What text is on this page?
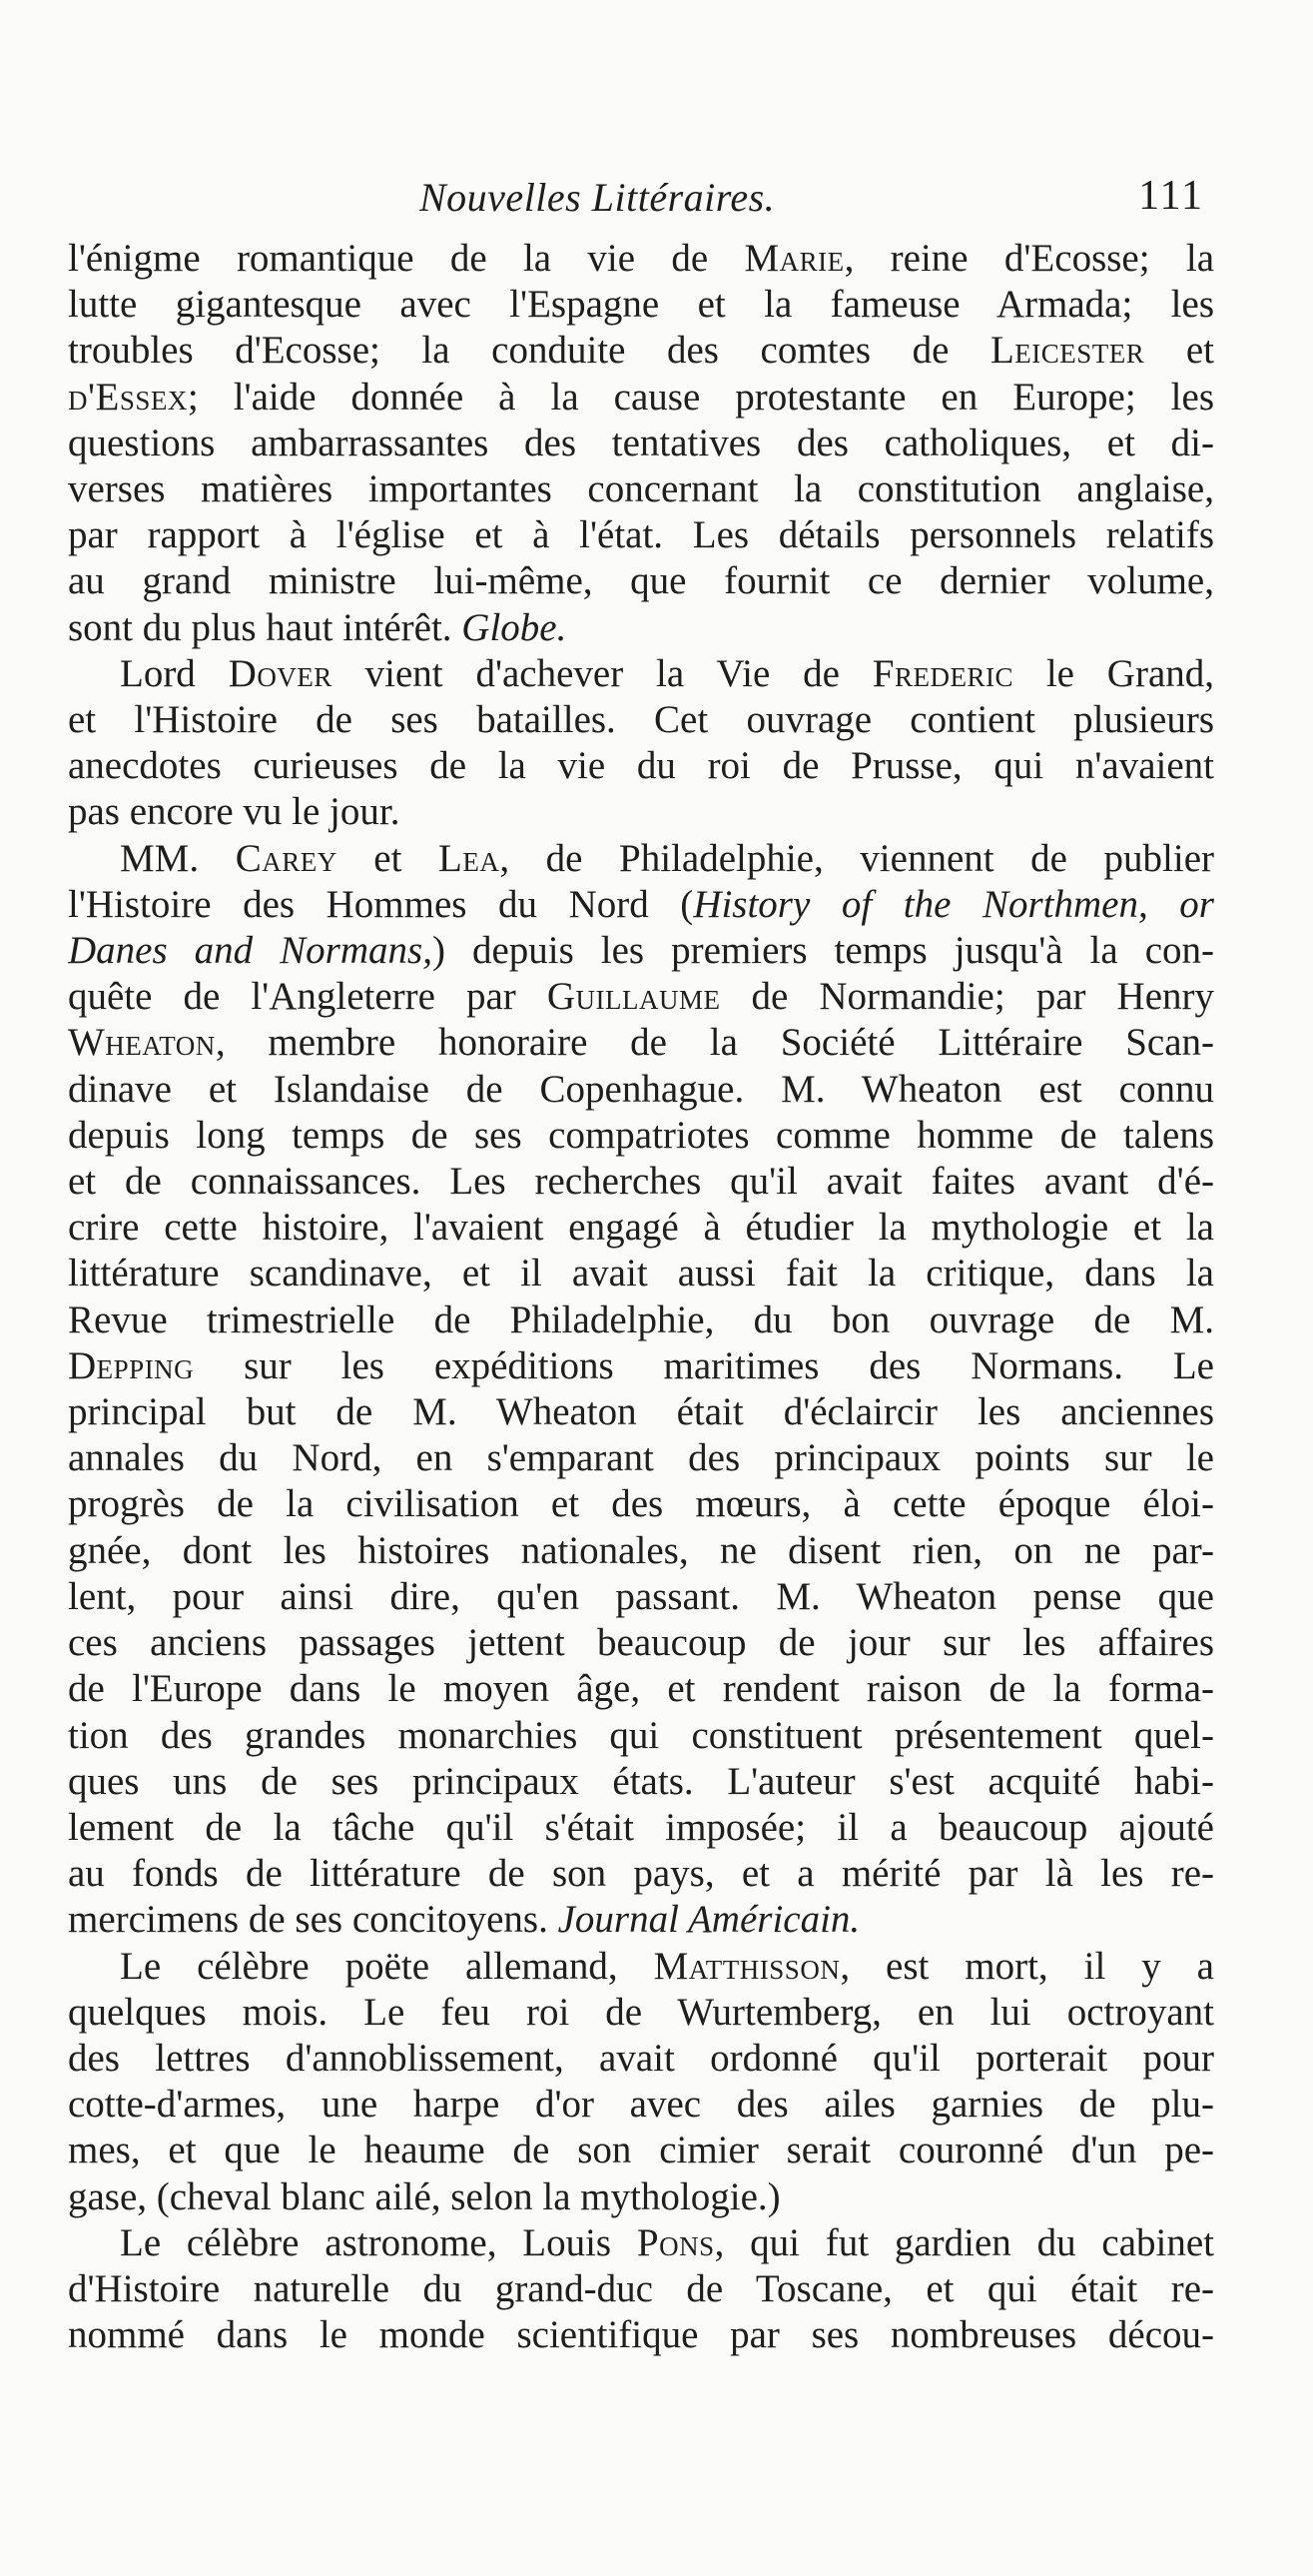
Nouvelles Littéraires.	111
l'énigme romantique de la vie de Marie, reine d'Ecosse; la
lutte gigantesque avec l'Espagne et la fameuse Armada; les
troubles d'Ecosse; la conduite des comtes de Leicester et
d'Essex; l'aide donnée à la cause protestante en Europe; les
questions ambarrassantes des tentatives des catholiques, et di-
verses matières importantes concernant la constitution anglaise,
par rapport à l'église et à l'état. Les détails personnels relatifs
au grand ministre lui-même, que fournit ce dernier volume,
sont du plus haut intérêt. Globe.
Lord Dover vient d'achever la Vie de Frederic le Grand,
et l'Histoire de ses batailles. Cet ouvrage contient plusieurs
anecdotes curieuses de la vie du roi de Prusse, qui n'avaient
pas encore vu le jour.
MM. Carey et Lea, de Philadelphie, viennent de publier
l'Histoire des Hommes du Nord (History of the Northmen, or
Danes and Normans,) depuis les premiers temps jusqu'à la con-
quête de l'Angleterre par Guillaume de Normandie; par Henry
Wheaton, membre honoraire de la Société Littéraire Scan-
dinave et Islandaise de Copenhague. M. Wheaton est connu
depuis long temps de ses compatriotes comme homme de talens
et de connaissances. Les recherches qu'il avait faites avant d'é-
crire cette histoire, l'avaient engagé à étudier la mythologie et la
littérature scandinave, et il avait aussi fait la critique, dans la
Revue trimestrielle de Philadelphie, du bon ouvrage de M.
Depping sur les expéditions maritimes des Normans. Le
principal but de M. Wheaton était d'éclaircir les anciennes
annales du Nord, en s'emparant des principaux points sur le
progrès de la civilisation et des mœurs, à cette époque éloi-
gnée, dont les histoires nationales, ne disent rien, on ne par-
lent, pour ainsi dire, qu'en passant. M. Wheaton pense que
ces anciens passages jettent beaucoup de jour sur les affaires
de l'Europe dans le moyen âge, et rendent raison de la forma-
tion des grandes monarchies qui constituent présentement quel-
ques uns de ses principaux états. L'auteur s'est acquité habi-
lement de la tâche qu'il s'était imposée; il a beaucoup ajouté
au fonds de littérature de son pays, et a mérité par là les re-
mercimens de ses concitoyens. Journal Américain.
Le célèbre poëte allemand, Matthisson, est mort, il y a
quelques mois. Le feu roi de Wurtemberg, en lui octroyant
des lettres d'annoblissement, avait ordonné qu'il porterait pour
cotte-d'armes, une harpe d'or avec des ailes garnies de plu-
mes, et que le heaume de son cimier serait couronné d'un pe-
gase, (cheval blanc ailé, selon la mythologie.)
Le célèbre astronome, Louis Pons, qui fut gardien du cabinet
d'Histoire naturelle du grand-duc de Toscane, et qui était re-
nommé dans le monde scientifique par ses nombreuses décou-
